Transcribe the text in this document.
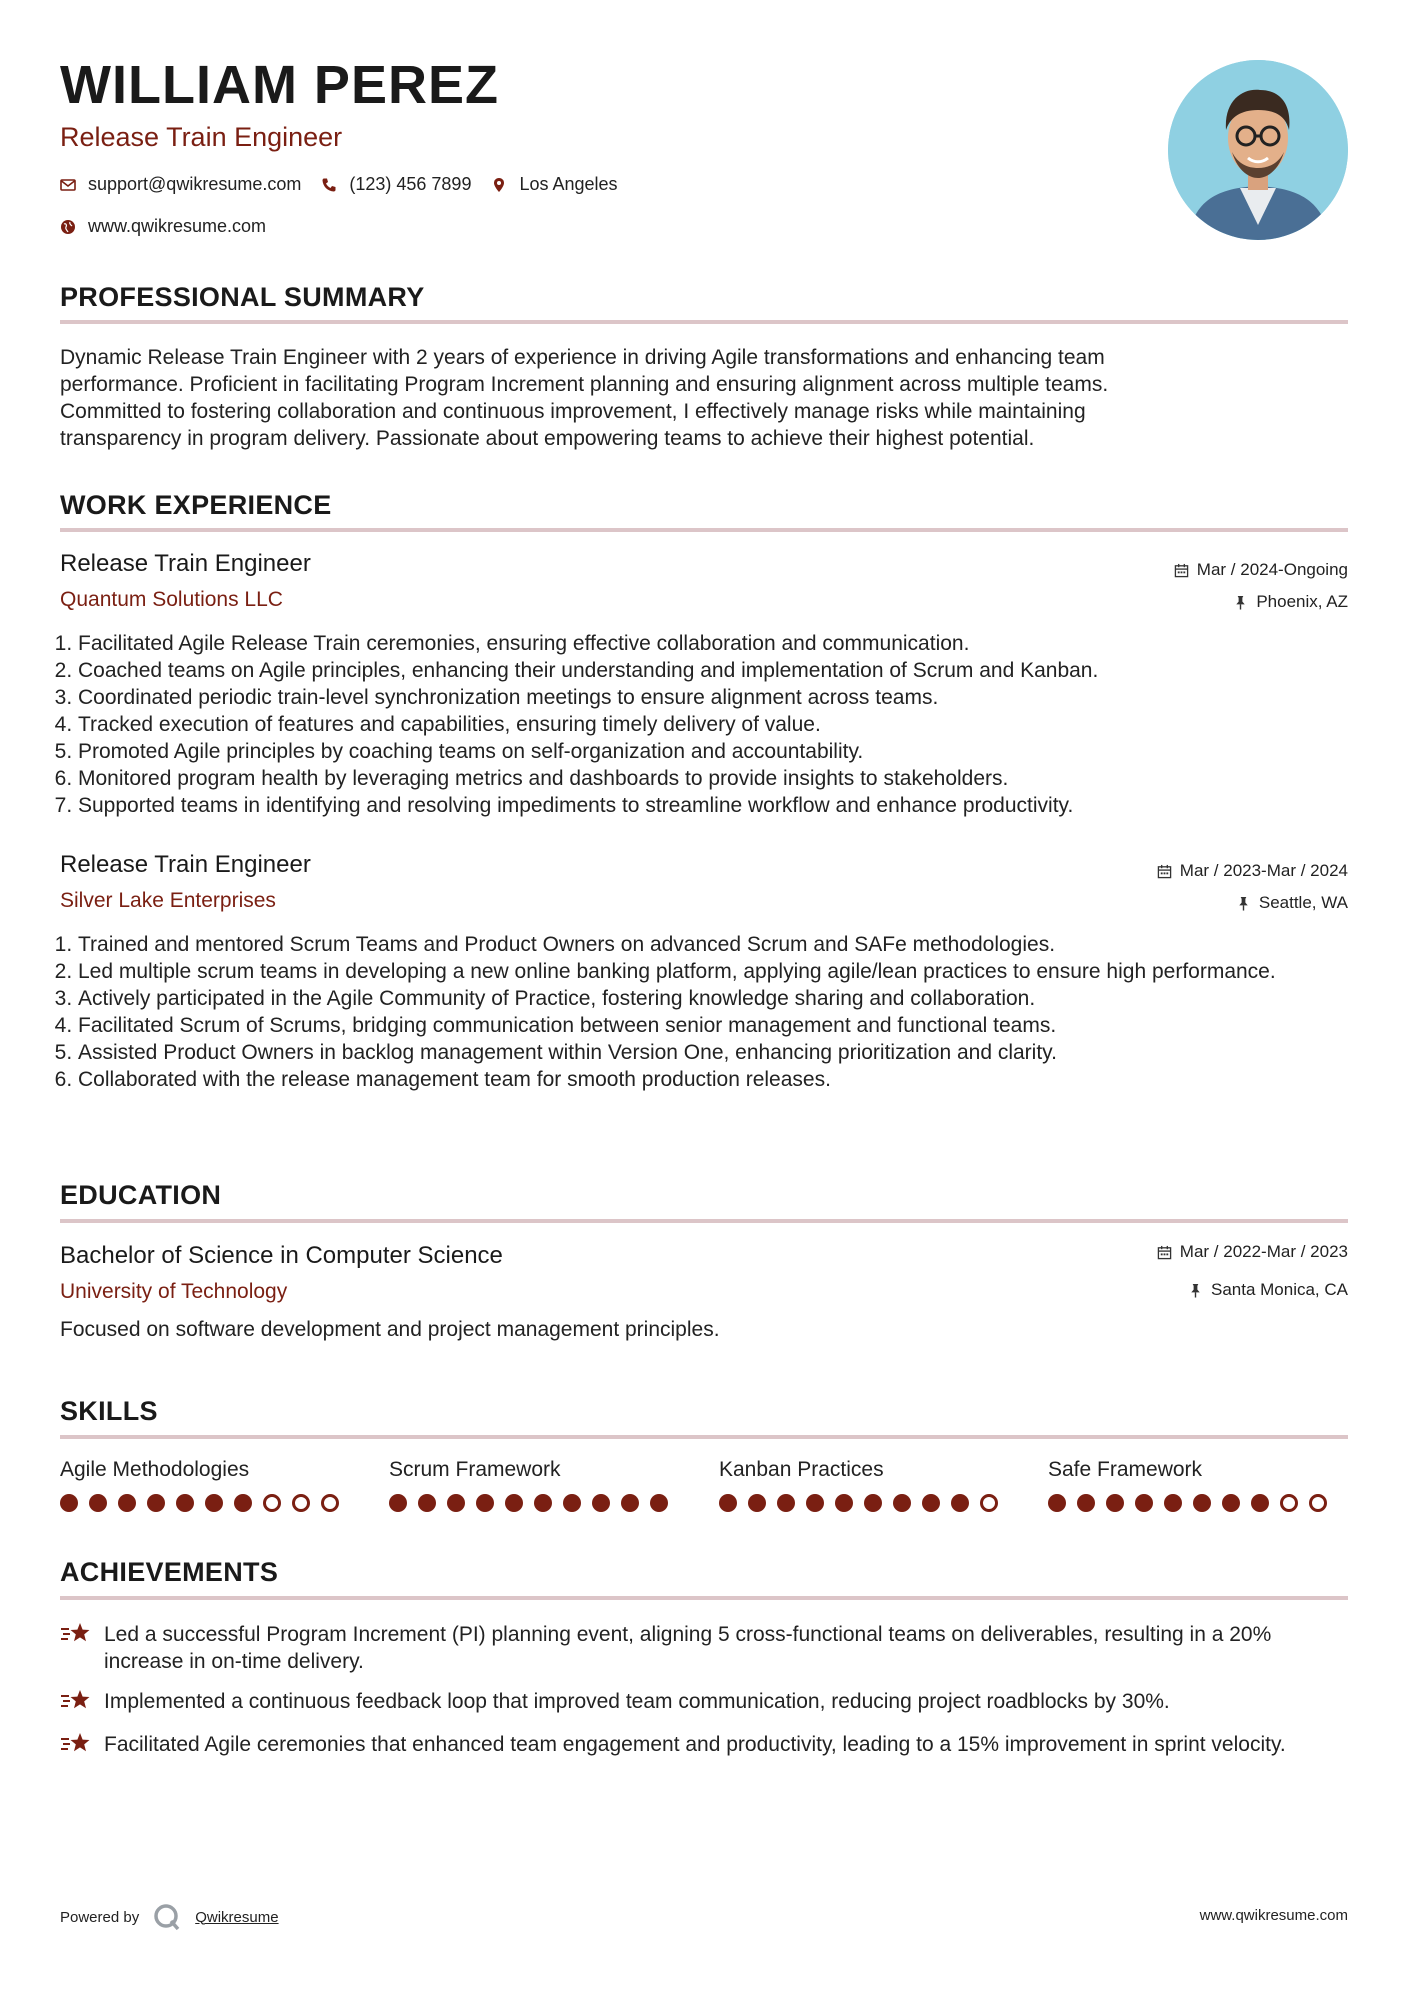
WILLIAM PEREZ
Release Train Engineer
support@qwikresume.com	(123) 456 7899	Los Angeles
www.qwikresume.com
PROFESSIONAL SUMMARY
Dynamic Release Train Engineer with 2 years of experience in driving Agile transformations and enhancing team
performance. Proficient in facilitating Program Increment planning and ensuring alignment across multiple teams.
Committed to fostering collaboration and continuous improvement, I effectively manage risks while maintaining
transparency in program delivery. Passionate about empowering teams to achieve their highest potential.
WORK EXPERIENCE
Release Train Engineer
Quantum Solutions LLC
Mar / 2024-Ongoing
Phoenix, AZ
1. Facilitated Agile Release Train ceremonies, ensuring effective collaboration and communication.
2. Coached teams on Agile principles, enhancing their understanding and implementation of Scrum and Kanban.
3. Coordinated periodic train-level synchronization meetings to ensure alignment across teams.
4. Tracked execution of features and capabilities, ensuring timely delivery of value.
5. Promoted Agile principles by coaching teams on self-organization and accountability.
6. Monitored program health by leveraging metrics and dashboards to provide insights to stakeholders.
7. Supported teams in identifying and resolving impediments to streamline workflow and enhance productivity.
Release Train Engineer
Silver Lake Enterprises
Mar / 2023-Mar / 2024
Seattle, WA
1. Trained and mentored Scrum Teams and Product Owners on advanced Scrum and SAFe methodologies.
2. Led multiple scrum teams in developing a new online banking platform, applying agile/lean practices to ensure high performance.
3. Actively participated in the Agile Community of Practice, fostering knowledge sharing and collaboration.
4. Facilitated Scrum of Scrums, bridging communication between senior management and functional teams.
5. Assisted Product Owners in backlog management within Version One, enhancing prioritization and clarity.
6. Collaborated with the release management team for smooth production releases.
EDUCATION
Bachelor of Science in Computer Science
University of Technology
Mar / 2022-Mar / 2023
Santa Monica, CA
Focused on software development and project management principles.
SKILLS
Agile Methodologies	Scrum Framework	Kanban Practices	Safe Framework
ACHIEVEMENTS
Led a successful Program Increment (PI) planning event, aligning 5 cross-functional teams on deliverables, resulting in a 20% increase in on-time delivery.
Implemented a continuous feedback loop that improved team communication, reducing project roadblocks by 30%.
Facilitated Agile ceremonies that enhanced team engagement and productivity, leading to a 15% improvement in sprint velocity.
Powered by	Qwikresume	www.qwikresume.com
